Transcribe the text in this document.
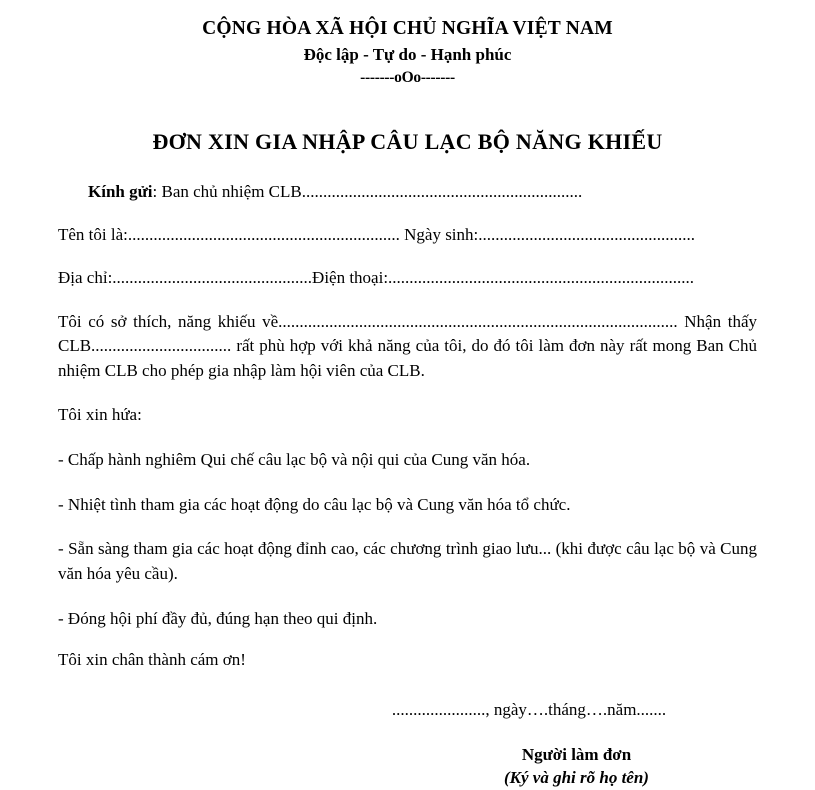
CỘNG HÒA XÃ HỘI CHỦ NGHĨA VIỆT NAM
Độc lập - Tự do - Hạnh phúc
-------oOo-------
ĐƠN XIN GIA NHẬP CÂU LẠC BỘ NĂNG KHIẾU
Kính gửi: Ban chủ nhiệm CLB..................................................................
Tên tôi là:................................................................ Ngày sinh:...................................................
Địa chỉ:...............................................Điện thoại:........................................................................
Tôi có sở thích, năng khiếu về.............................................................................................. Nhận thấy CLB................................. rất phù hợp với khả năng của tôi, do đó tôi làm đơn này rất mong Ban Chủ nhiệm CLB cho phép gia nhập làm hội viên của CLB.
Tôi xin hứa:
- Chấp hành nghiêm Qui chế câu lạc bộ và nội qui của Cung văn hóa.
- Nhiệt tình tham gia các hoạt động do câu lạc bộ và Cung văn hóa tổ chức.
- Sẵn sàng tham gia các hoạt động đỉnh cao, các chương trình giao lưu... (khi được câu lạc bộ và Cung văn hóa yêu cầu).
- Đóng hội phí đầy đủ, đúng hạn theo qui định.
Tôi xin chân thành cám ơn!
......................, ngày….tháng….năm.......
Người làm đơn
(Ký và ghi rõ họ tên)
